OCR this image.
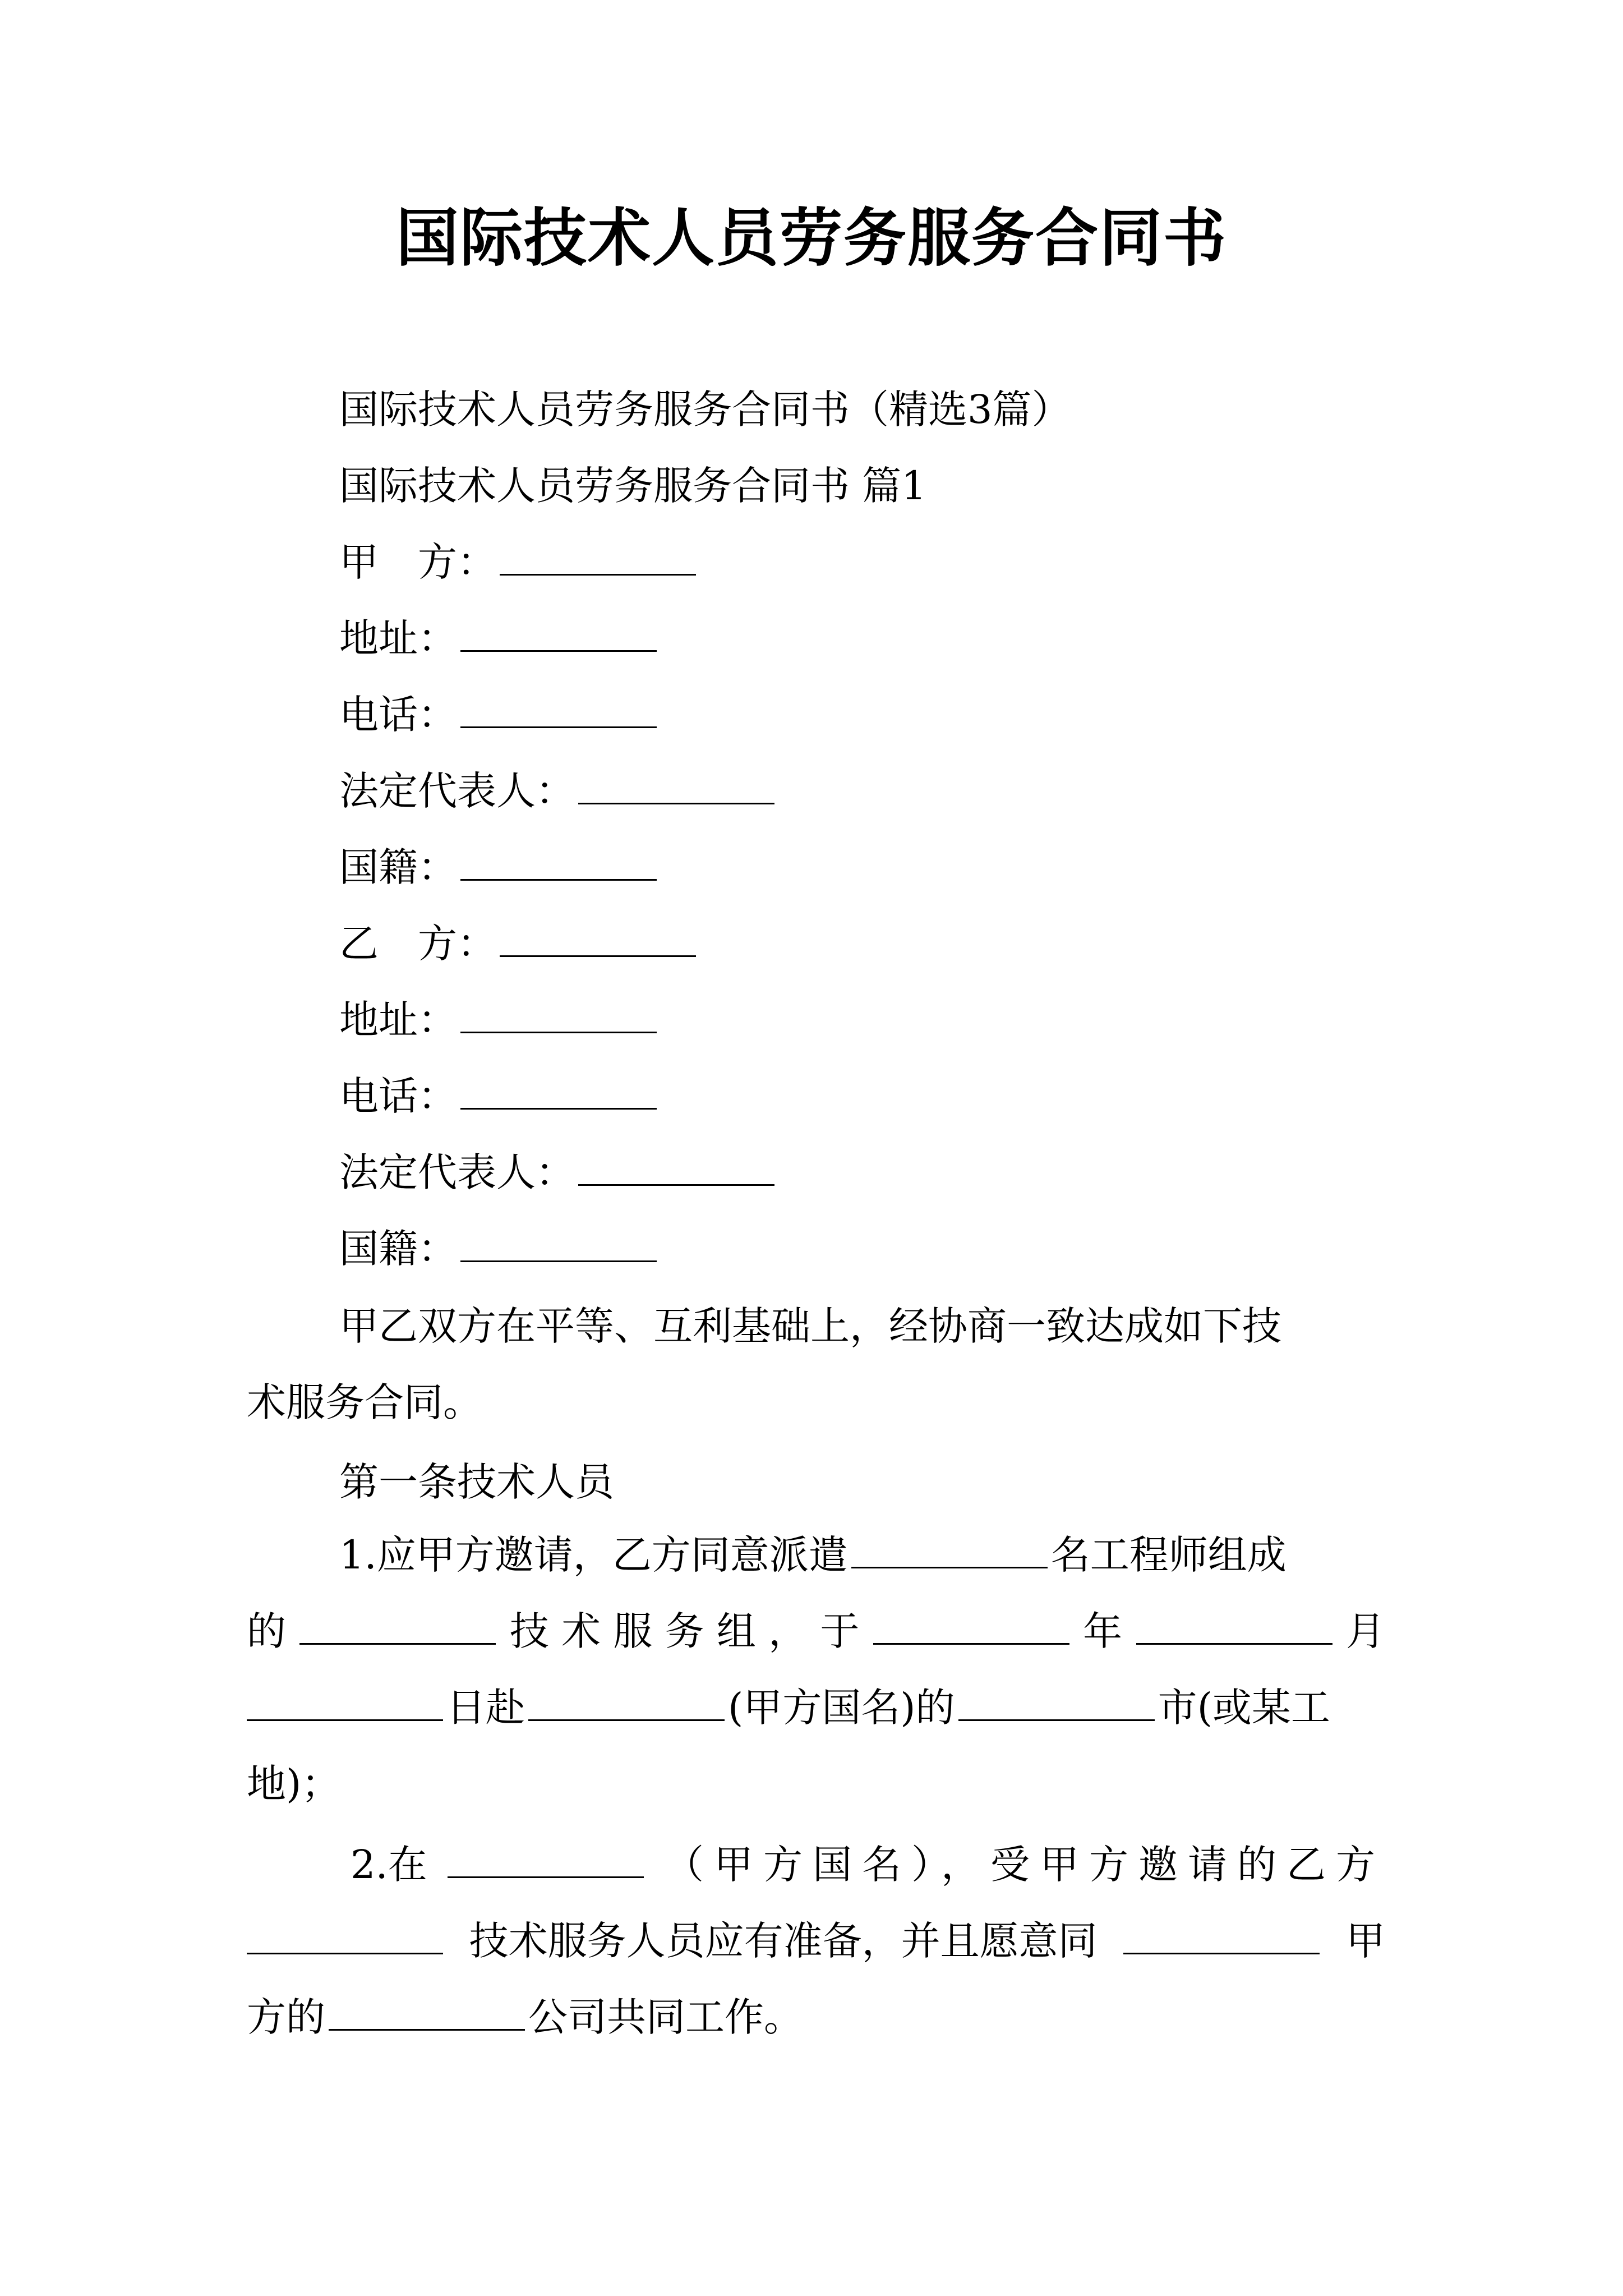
国际技术人员劳务服务合同书
国际技术人员劳务服务合同书（精选3篇）
国际技术人员劳务服务合同书 篇1
甲　方：
地址：
电话：
法定代表人：
国籍：
乙　方：
地址：
电话：
法定代表人：
国籍：
甲乙双方在平等、互利基础上，经协商一致达成如下技
术服务合同。
第一条技术人员
1.应甲方邀请，乙方同意派遣	名工程师组成
的	技 术 服 务 组 ， 于	年	月
日赴	(甲方国名)的	市(或某工
地)；
2.在	（甲方国名），受甲方邀请的乙方
技术服务人员应有准备，并且愿意同	甲
方的	公司共同工作。
